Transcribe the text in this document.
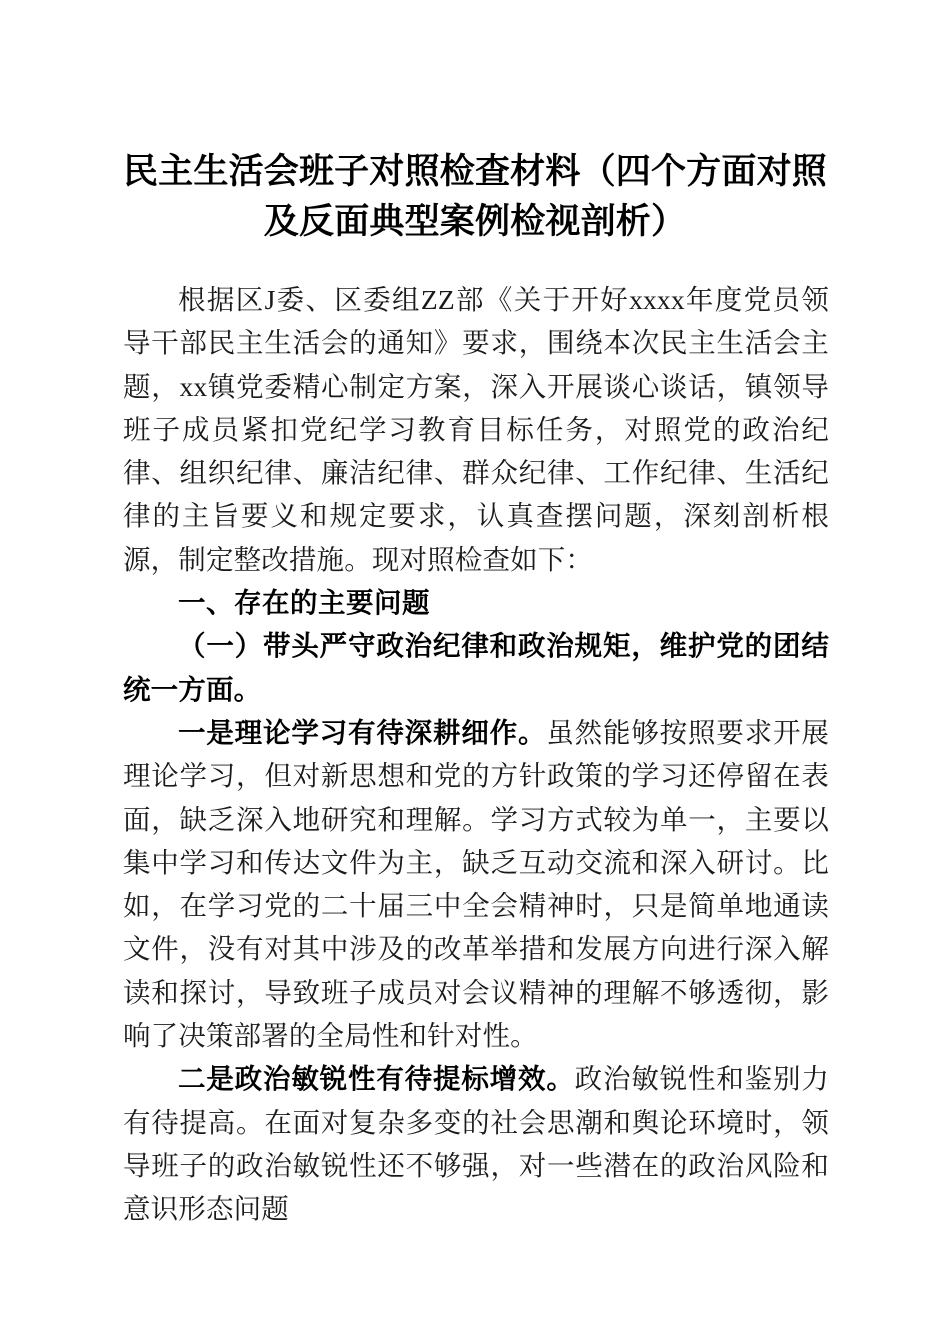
民主生活会班子对照检查材料（四个方面对照
及反面典型案例检视剖析）

根据区J委、区委组ZZ部《关于开好xxxx年度党员领导干部民主生活会的通知》要求，围绕本次民主生活会主题，xx镇党委精心制定方案，深入开展谈心谈话，镇领导班子成员紧扣党纪学习教育目标任务，对照党的政治纪律、组织纪律、廉洁纪律、群众纪律、工作纪律、生活纪律的主旨要义和规定要求，认真查摆问题，深刻剖析根源，制定整改措施。现对照检查如下：

一、存在的主要问题

（一）带头严守政治纪律和政治规矩，维护党的团结统一方面。

一是理论学习有待深耕细作。虽然能够按照要求开展理论学习，但对新思想和党的方针政策的学习还停留在表面，缺乏深入地研究和理解。学习方式较为单一，主要以集中学习和传达文件为主，缺乏互动交流和深入研讨。比如，在学习党的二十届三中全会精神时，只是简单地通读文件，没有对其中涉及的改革举措和发展方向进行深入解读和探讨，导致班子成员对会议精神的理解不够透彻，影响了决策部署的全局性和针对性。

二是政治敏锐性有待提标增效。政治敏锐性和鉴别力有待提高。在面对复杂多变的社会思潮和舆论环境时，领导班子的政治敏锐性还不够强，对一些潜在的政治风险和意识形态问题
